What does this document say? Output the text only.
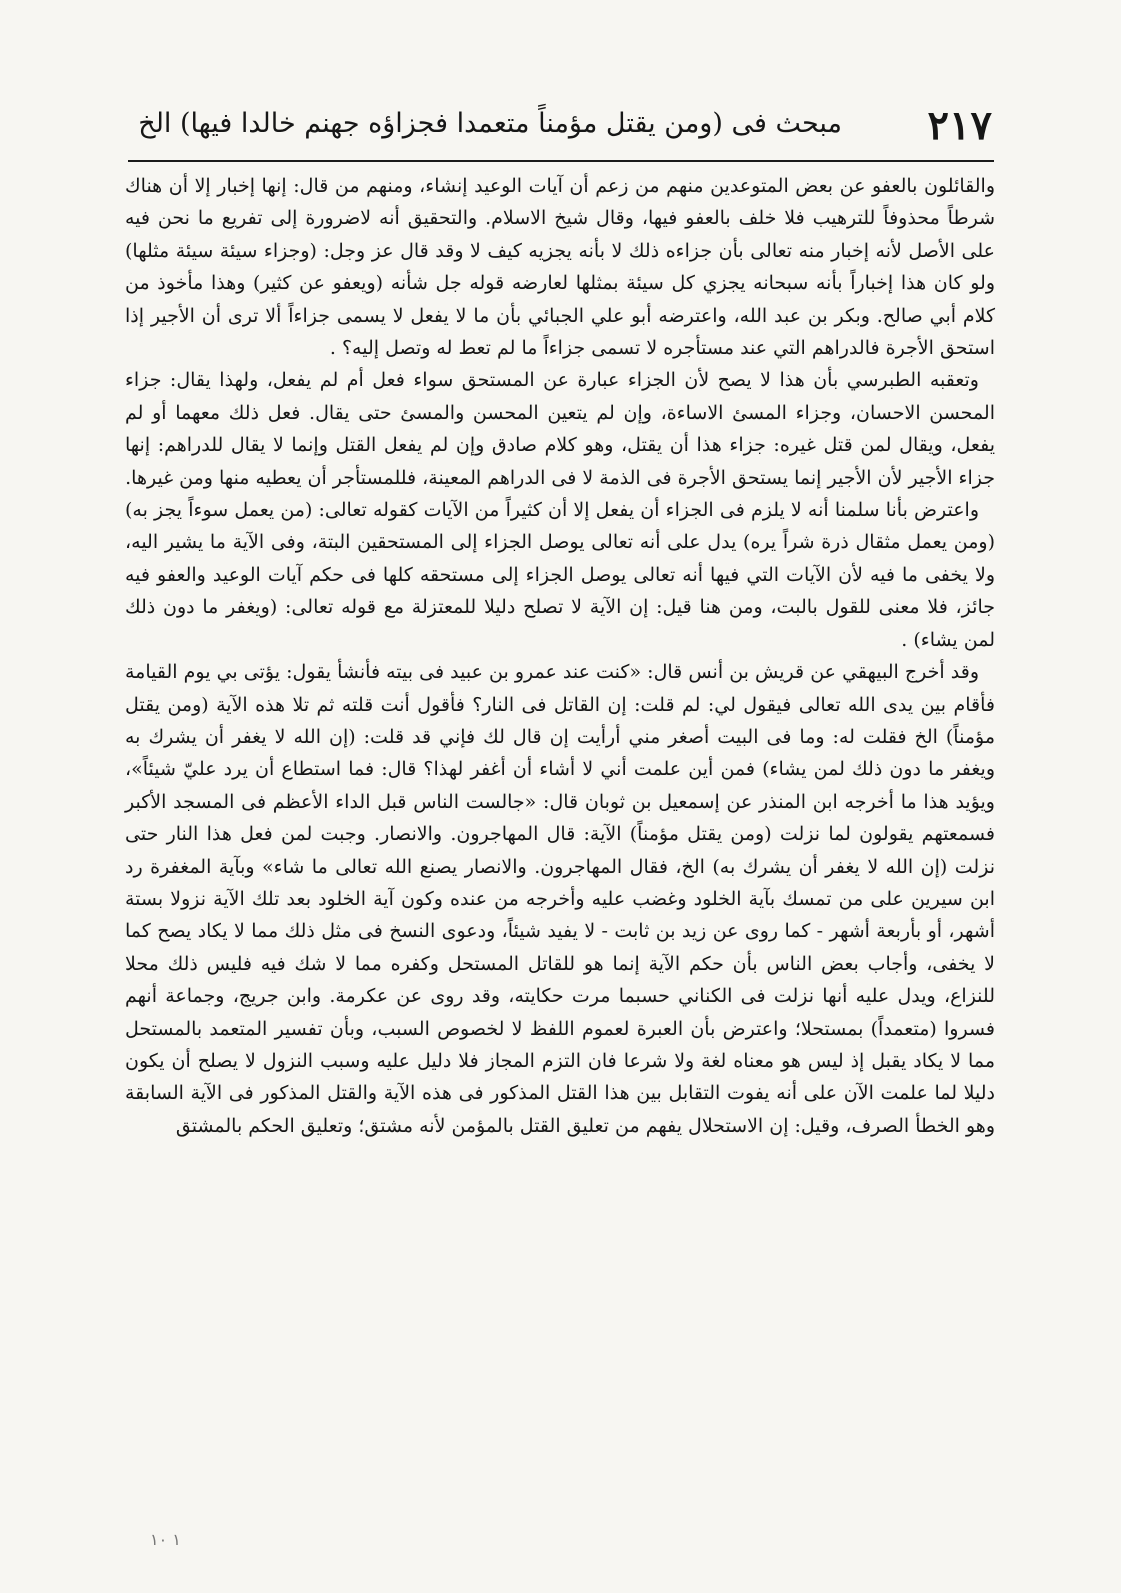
٢١٧
مبحث فى (ومن يقتل مؤمناً متعمدا فجزاؤه جهنم خالدا فيها) الخ

والقائلون بالعفو عن بعض المتوعدين منهم من زعم أن آيات الوعيد إنشاء، ومنهم من قال: إنها إخبار إلا أن هناك شرطاً محذوفاً للترهيب فلا خلف بالعفو فيها، وقال شيخ الاسلام. والتحقيق أنه لاضرورة إلى تفريع ما نحن فيه على الأصل لأنه إخبار منه تعالى بأن جزاءه ذلك لا بأنه يجزيه كيف لا وقد قال عز وجل: (وجزاء سيئة سيئة مثلها) ولو كان هذا إخباراً بأنه سبحانه يجزي كل سيئة بمثلها لعارضه قوله جل شأنه (ويعفو عن كثير) وهذا مأخوذ من كلام أبي صالح. وبكر بن عبد الله، واعترضه أبو علي الجبائي بأن ما لا يفعل لا يسمى جزاءاً ألا ترى أن الأجير إذا استحق الأجرة فالدراهم التي عند مستأجره لا تسمى جزاءاً ما لم تعط له وتصل إليه؟ .

وتعقبه الطبرسي بأن هذا لا يصح لأن الجزاء عبارة عن المستحق سواء فعل أم لم يفعل، ولهذا يقال: جزاء المحسن الاحسان، وجزاء المسئ الاساءة، وإن لم يتعين المحسن والمسئ حتى يقال. فعل ذلك معهما أو لم يفعل، ويقال لمن قتل غيره: جزاء هذا أن يقتل، وهو كلام صادق وإن لم يفعل القتل وإنما لا يقال للدراهم: إنها جزاء الأجير لأن الأجير إنما يستحق الأجرة فى الذمة لا فى الدراهم المعينة، فللمستأجر أن يعطيه منها ومن غيرها.

واعترض بأنا سلمنا أنه لا يلزم فى الجزاء أن يفعل إلا أن كثيراً من الآيات كقوله تعالى: (من يعمل سوءاً يجز به) (ومن يعمل مثقال ذرة شراً يره) يدل على أنه تعالى يوصل الجزاء إلى المستحقين البتة، وفى الآية ما يشير اليه، ولا يخفى ما فيه لأن الآيات التي فيها أنه تعالى يوصل الجزاء إلى مستحقه كلها فى حكم آيات الوعيد والعفو فيه جائز، فلا معنى للقول بالبت، ومن هنا قيل: إن الآية لا تصلح دليلا للمعتزلة مع قوله تعالى: (ويغفر ما دون ذلك لمن يشاء) .

وقد أخرج البيهقي عن قريش بن أنس قال: «كنت عند عمرو بن عبيد فى بيته فأنشأ يقول: يؤتى بي يوم القيامة فأقام بين يدى الله تعالى فيقول لي: لم قلت: إن القاتل فى النار؟ فأقول أنت قلته ثم تلا هذه الآية (ومن يقتل مؤمناً) الخ فقلت له: وما فى البيت أصغر مني أرأيت إن قال لك فإني قد قلت: (إن الله لا يغفر أن يشرك به ويغفر ما دون ذلك لمن يشاء) فمن أين علمت أني لا أشاء أن أغفر لهذا؟ قال: فما استطاع أن يرد عليّ شيئاً»، ويؤيد هذا ما أخرجه ابن المنذر عن إسمعيل بن ثوبان قال: «جالست الناس قبل الداء الأعظم فى المسجد الأكبر فسمعتهم يقولون لما نزلت (ومن يقتل مؤمناً) الآية: قال المهاجرون. والانصار. وجبت لمن فعل هذا النار حتى نزلت (إن الله لا يغفر أن يشرك به) الخ، فقال المهاجرون. والانصار يصنع الله تعالى ما شاء» وبآية المغفرة رد ابن سيرين على من تمسك بآية الخلود وغضب عليه وأخرجه من عنده وكون آية الخلود بعد تلك الآية نزولا بستة أشهر، أو بأربعة أشهر - كما روى عن زيد بن ثابت - لا يفيد شيئاً، ودعوى النسخ فى مثل ذلك مما لا يكاد يصح كما لا يخفى، وأجاب بعض الناس بأن حكم الآية إنما هو للقاتل المستحل وكفره مما لا شك فيه فليس ذلك محلا للنزاع، ويدل عليه أنها نزلت فى الكناني حسبما مرت حكايته، وقد روى عن عكرمة. وابن جريج، وجماعة أنهم فسروا (متعمداً) بمستحلا؛ واعترض بأن العبرة لعموم اللفظ لا لخصوص السبب، وبأن تفسير المتعمد بالمستحل مما لا يكاد يقبل إذ ليس هو معناه لغة ولا شرعا فان التزم المجاز فلا دليل عليه وسبب النزول لا يصلح أن يكون دليلا لما علمت الآن على أنه يفوت التقابل بين هذا القتل المذكور فى هذه الآية والقتل المذكور فى الآية السابقة وهو الخطأ الصرف، وقيل: إن الاستحلال يفهم من تعليق القتل بالمؤمن لأنه مشتق؛ وتعليق الحكم بالمشتق

۱۰ ۱
